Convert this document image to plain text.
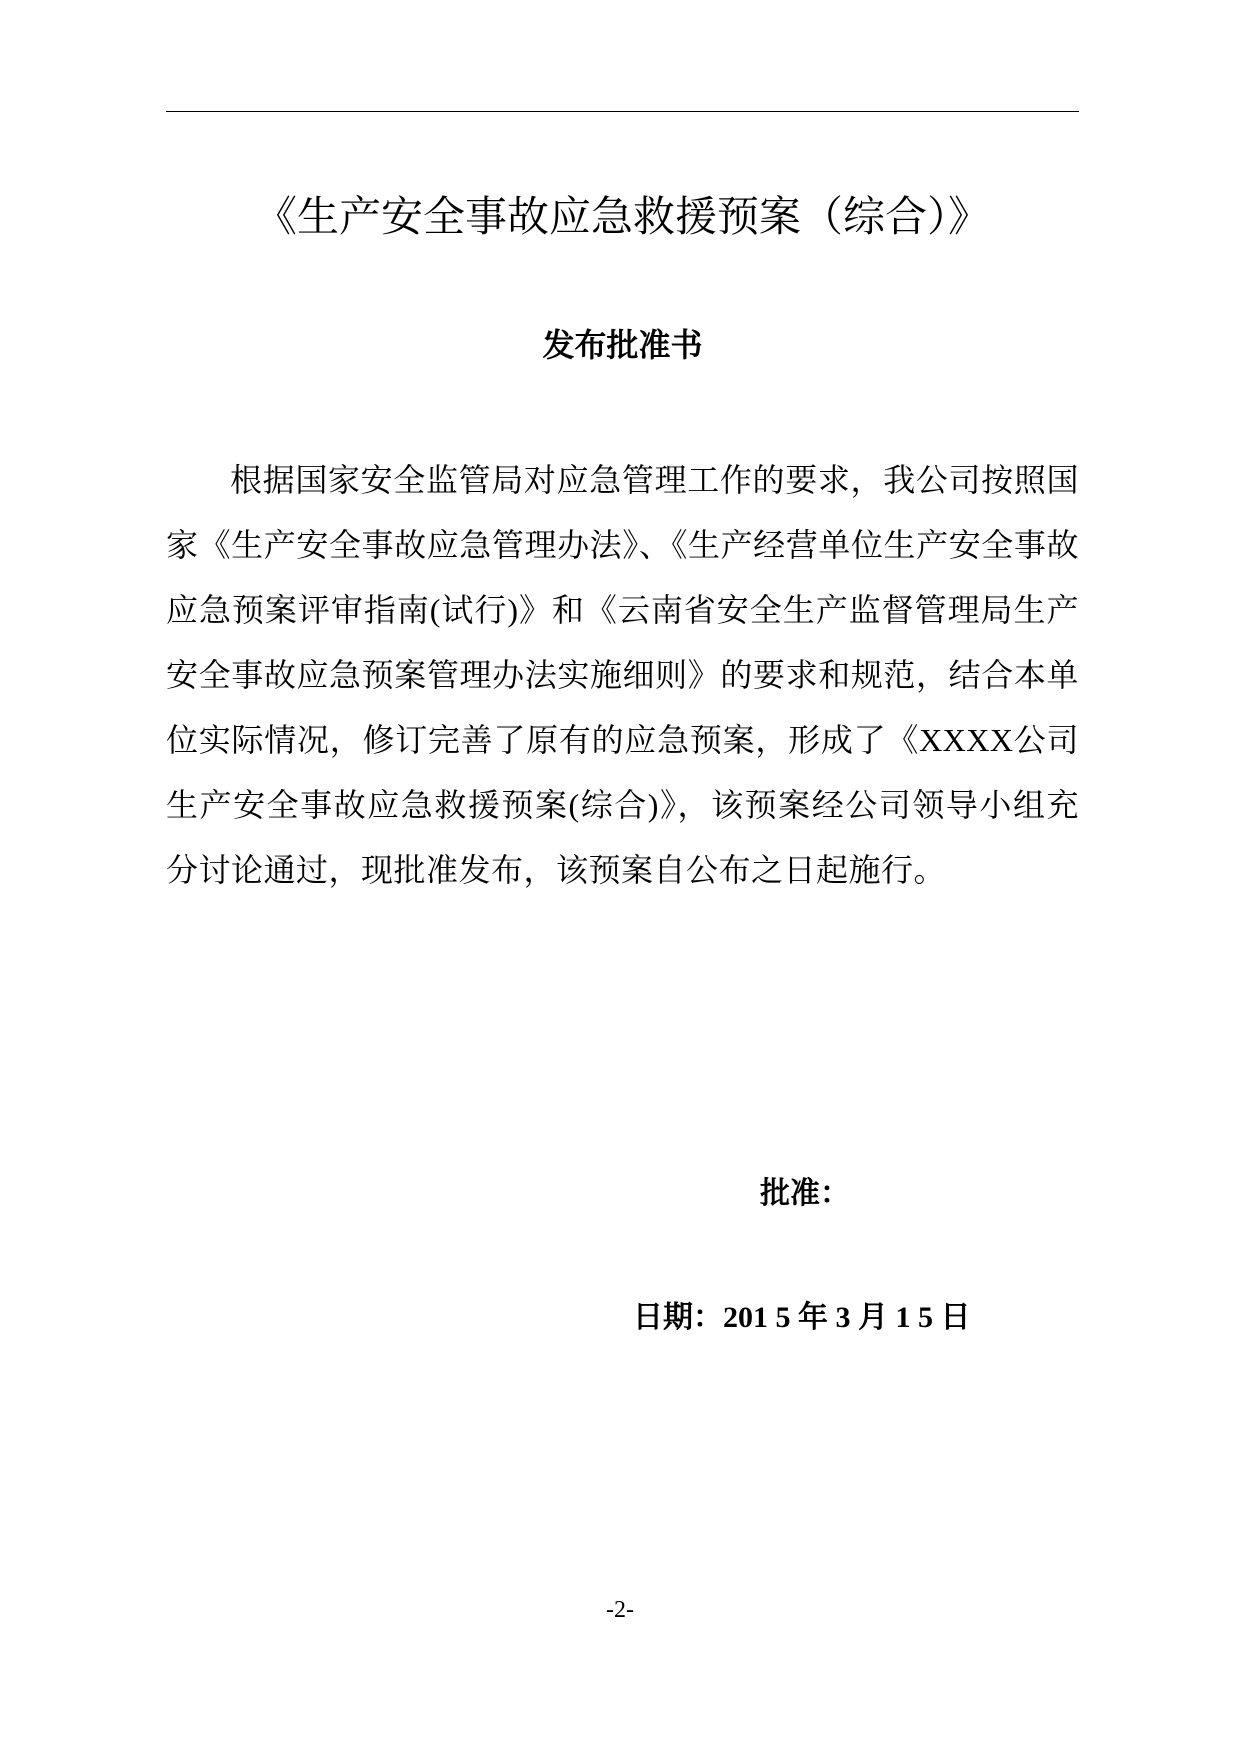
《生产安全事故应急救援预案（综合）》
发布批准书

根据国家安全监管局对应急管理工作的要求，我公司按照国家《生产安全事故应急管理办法》、《生产经营单位生产安全事故应急预案评审指南(试行)》和《云南省安全生产监督管理局生产安全事故应急预案管理办法实施细则》的要求和规范，结合本单位实际情况，修订完善了原有的应急预案，形成了《XXXX公司生产安全事故应急救援预案(综合)》，该预案经公司领导小组充分讨论通过，现批准发布，该预案自公布之日起施行。

批准：
日期：201 5 年 3 月 1 5 日
-2-
